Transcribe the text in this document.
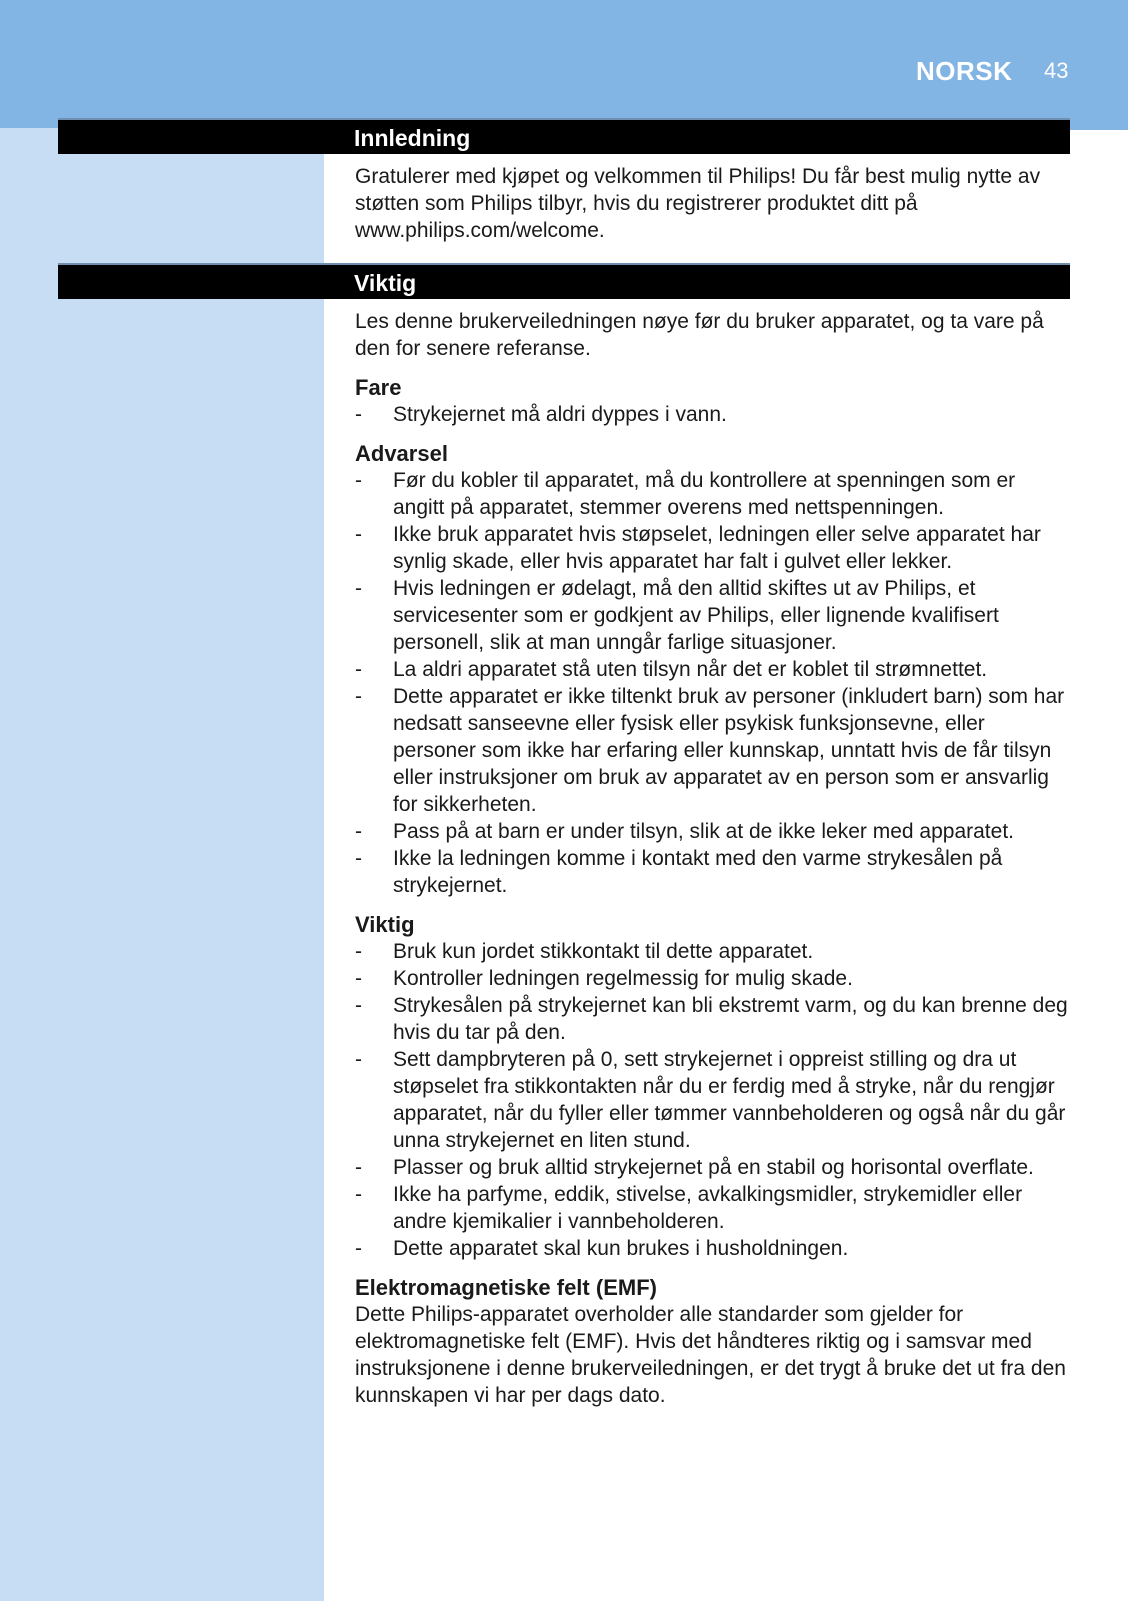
NORSK 43
Innledning

Gratulerer med kjøpet og velkommen til Philips! Du får best mulig nytte av støtten som Philips tilbyr, hvis du registrerer produktet ditt på www.philips.com/welcome.

Viktig

Les denne brukerveiledningen nøye før du bruker apparatet, og ta vare på den for senere referanse.

Fare

- Strykejernet må aldri dyppes i vann.

Advarsel

- Før du kobler til apparatet, må du kontrollere at spenningen som er angitt på apparatet, stemmer overens med nettspenningen.
- Ikke bruk apparatet hvis støpselet, ledningen eller selve apparatet har synlig skade, eller hvis apparatet har falt i gulvet eller lekker.
- Hvis ledningen er ødelagt, må den alltid skiftes ut av Philips, et servicesenter som er godkjent av Philips, eller lignende kvalifisert personell, slik at man unngår farlige situasjoner.
- La aldri apparatet stå uten tilsyn når det er koblet til strømnettet.
- Dette apparatet er ikke tiltenkt bruk av personer (inkludert barn) som har nedsatt sanseevne eller fysisk eller psykisk funksjonsevne, eller personer som ikke har erfaring eller kunnskap, unntatt hvis de får tilsyn eller instruksjoner om bruk av apparatet av en person som er ansvarlig for sikkerheten.
- Pass på at barn er under tilsyn, slik at de ikke leker med apparatet.
- Ikke la ledningen komme i kontakt med den varme strykesålen på strykejernet.

Viktig

- Bruk kun jordet stikkontakt til dette apparatet.
- Kontroller ledningen regelmessig for mulig skade.
- Strykesålen på strykejernet kan bli ekstremt varm, og du kan brenne deg hvis du tar på den.
- Sett dampbryteren på 0, sett strykejernet i oppreist stilling og dra ut støpselet fra stikkontakten når du er ferdig med å stryke, når du rengjør apparatet, når du fyller eller tømmer vannbeholderen og også når du går unna strykejernet en liten stund.
- Plasser og bruk alltid strykejernet på en stabil og horisontal overflate.
- Ikke ha parfyme, eddik, stivelse, avkalkingsmidler, strykemidler eller andre kjemikalier i vannbeholderen.
- Dette apparatet skal kun brukes i husholdningen.

Elektromagnetiske felt (EMF)

Dette Philips-apparatet overholder alle standarder som gjelder for elektromagnetiske felt (EMF). Hvis det håndteres riktig og i samsvar med instruksjonene i denne brukerveiledningen, er det trygt å bruke det ut fra den kunnskapen vi har per dags dato.
